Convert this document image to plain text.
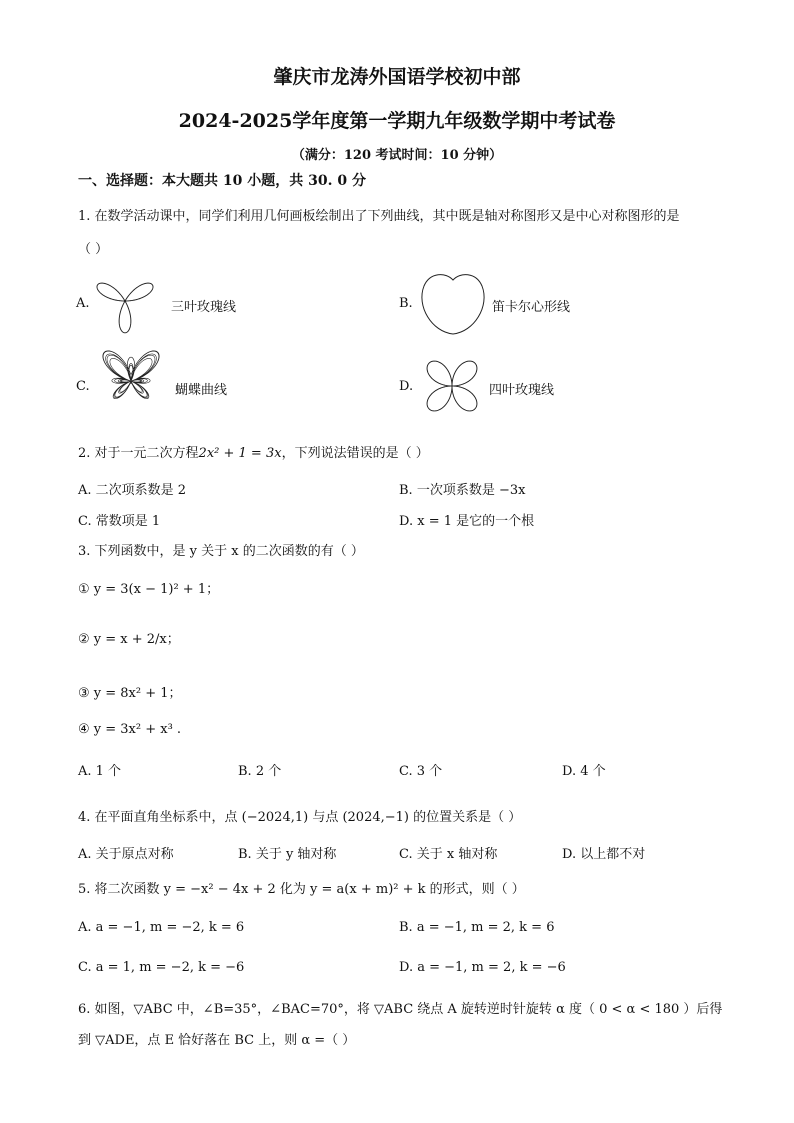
肇庆市龙涛外国语学校初中部
2024-2025学年度第一学期九年级数学期中考试卷
（满分：120 考试时间：10 分钟）
一、选择题：本大题共 10 小题，共 30. 0 分
1. 在数学活动课中，同学们利用几何画板绘制出了下列曲线，其中既是轴对称图形又是中心对称图形的是
（ ）
A.	三叶玫瑰线	B.	笛卡尔心形线
C.	蝴蝶曲线	D.	四叶玫瑰线
2. 对于一元二次方程2x² + 1 = 3x，下列说法错误的是（ ）
A. 二次项系数是 2	B. 一次项系数是 −3x
C. 常数项是 1	D. x = 1 是它的一个根
3. 下列函数中，是 y 关于 x 的二次函数的有（ ）
① y = 3(x − 1)² + 1；
② y = x + 2/x；
③ y = 8x² + 1；
④ y = 3x² + x³ .
A. 1 个	B. 2 个	C. 3 个	D. 4 个
4. 在平面直角坐标系中，点 (−2024,1) 与点 (2024,−1) 的位置关系是（ ）
A. 关于原点对称	B. 关于 y 轴对称	C. 关于 x 轴对称	D. 以上都不对
5. 将二次函数 y = −x² − 4x + 2 化为 y = a(x + m)² + k 的形式，则（ ）
A. a = −1, m = −2, k = 6	B. a = −1, m = 2, k = 6
C. a = 1, m = −2, k = −6	D. a = −1, m = 2, k = −6
6. 如图，▽ABC 中，∠B=35°，∠BAC=70°，将 ▽ABC 绕点 A 旋转逆时针旋转 α 度（ 0 < α < 180 ）后得
到 ▽ADE，点 E 恰好落在 BC 上，则 α =（ ）
